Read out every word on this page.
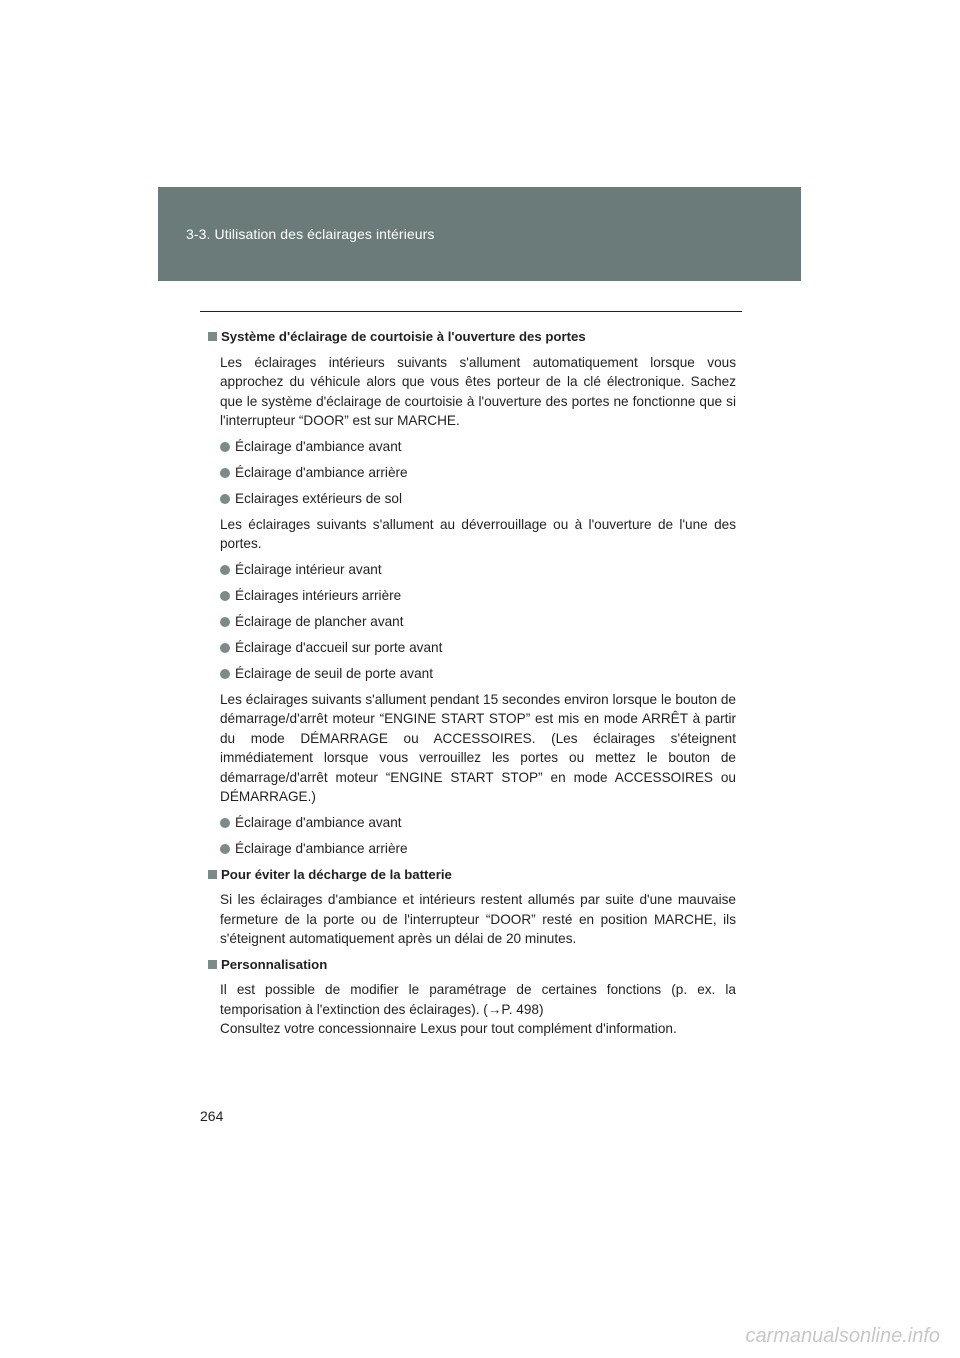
3-3. Utilisation des éclairages intérieurs
Système d'éclairage de courtoisie à l'ouverture des portes

Les éclairages intérieurs suivants s'allument automatiquement lorsque vous approchez du véhicule alors que vous êtes porteur de la clé électronique. Sachez que le système d'éclairage de courtoisie à l'ouverture des portes ne fonctionne que si l'interrupteur “DOOR” est sur MARCHE.

Éclairage d'ambiance avant
Éclairage d'ambiance arrière
Eclairages extérieurs de sol

Les éclairages suivants s'allument au déverrouillage ou à l'ouverture de l'une des portes.

Éclairage intérieur avant
Éclairages intérieurs arrière
Éclairage de plancher avant
Éclairage d'accueil sur porte avant
Éclairage de seuil de porte avant

Les éclairages suivants s'allument pendant 15 secondes environ lorsque le bouton de démarrage/d'arrêt moteur “ENGINE START STOP” est mis en mode ARRÊT à partir du mode DÉMARRAGE ou ACCESSOIRES. (Les éclairages s'éteignent immédiatement lorsque vous verrouillez les portes ou mettez le bouton de démarrage/d'arrêt moteur “ENGINE START STOP” en mode ACCESSOIRES ou DÉMARRAGE.)

Éclairage d'ambiance avant
Éclairage d'ambiance arrière
Pour éviter la décharge de la batterie

Si les éclairages d'ambiance et intérieurs restent allumés par suite d'une mauvaise fermeture de la porte ou de l'interrupteur “DOOR” resté en position MARCHE, ils s'éteignent automatiquement après un délai de 20 minutes.

Personnalisation

Il est possible de modifier le paramétrage de certaines fonctions (p. ex. la temporisation à l'extinction des éclairages). (→P. 498)

Consultez votre concessionnaire Lexus pour tout complément d'information.

264
carmanualsonline.info
